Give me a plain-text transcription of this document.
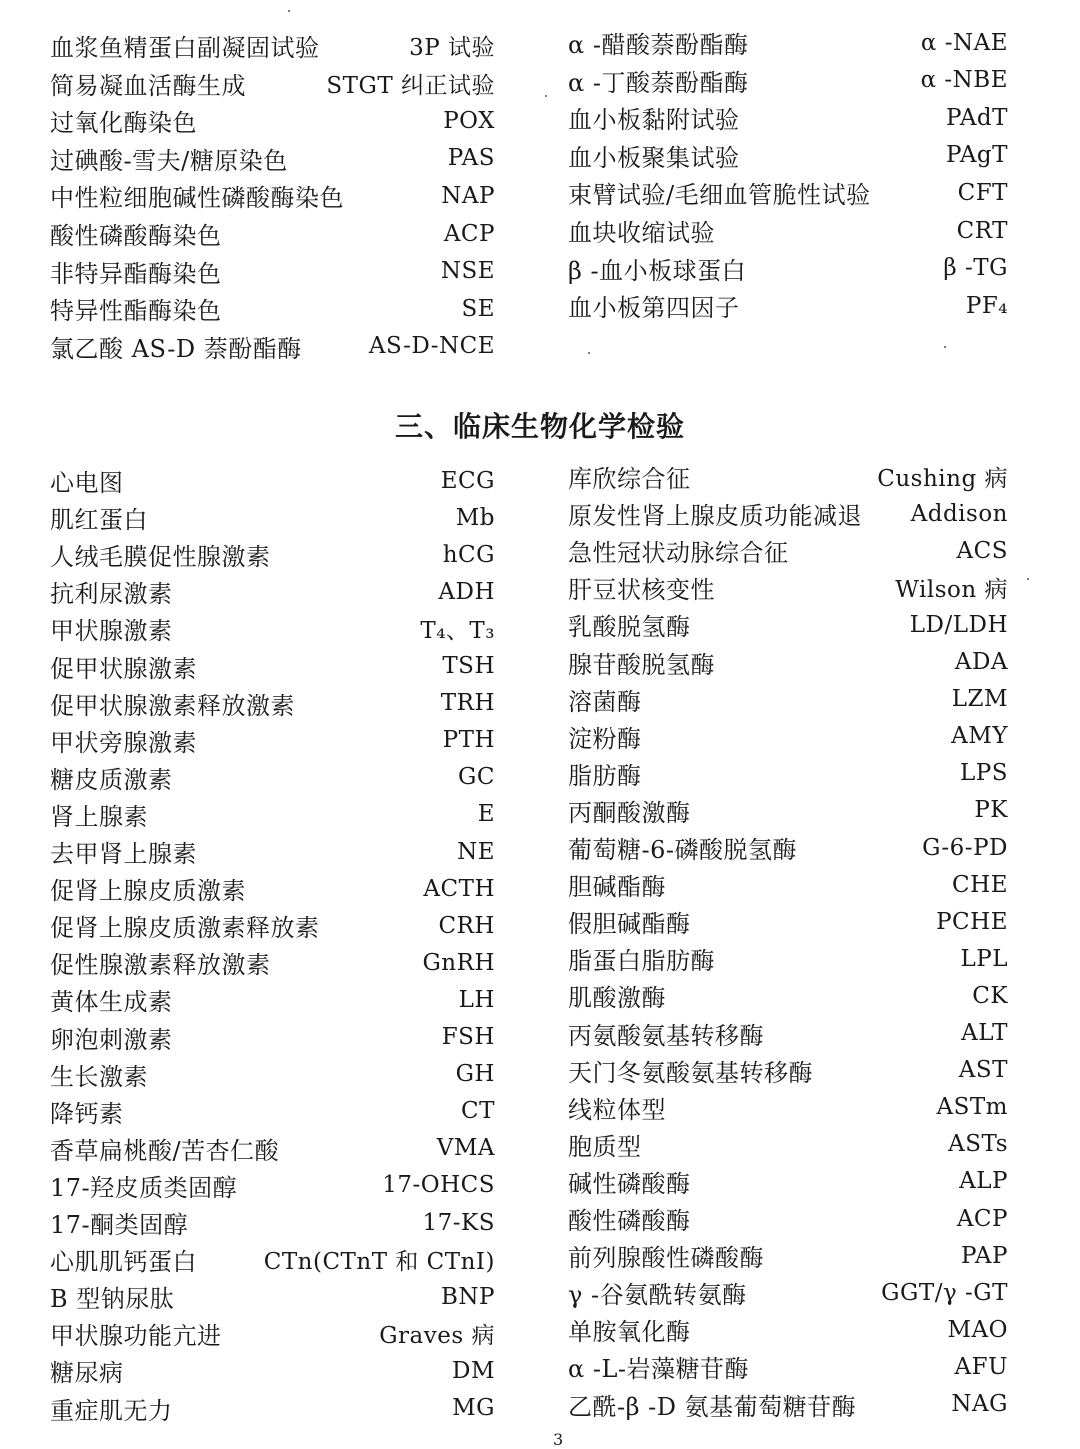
血浆鱼精蛋白副凝固试验	3P 试验
简易凝血活酶生成	STGT 纠正试验
过氧化酶染色	POX
过碘酸-雪夫/糖原染色	PAS
中性粒细胞碱性磷酸酶染色	NAP
酸性磷酸酶染色	ACP
非特异酯酶染色	NSE
特异性酯酶染色	SE
氯乙酸 AS-D 萘酚酯酶	AS-D-NCE
α -醋酸萘酚酯酶	α -NAE
α -丁酸萘酚酯酶	α -NBE
血小板黏附试验	PAdT
血小板聚集试验	PAgT
束臂试验/毛细血管脆性试验	CFT
血块收缩试验	CRT
β -血小板球蛋白	β -TG
血小板第四因子	PF₄
三、临床生物化学检验
心电图	ECG
肌红蛋白	Mb
人绒毛膜促性腺激素	hCG
抗利尿激素	ADH
甲状腺激素	T₄、T₃
促甲状腺激素	TSH
促甲状腺激素释放激素	TRH
甲状旁腺激素	PTH
糖皮质激素	GC
肾上腺素	E
去甲肾上腺素	NE
促肾上腺皮质激素	ACTH
促肾上腺皮质激素释放素	CRH
促性腺激素释放激素	GnRH
黄体生成素	LH
卵泡刺激素	FSH
生长激素	GH
降钙素	CT
香草扁桃酸/苦杏仁酸	VMA
17-羟皮质类固醇	17-OHCS
17-酮类固醇	17-KS
心肌肌钙蛋白	CTn(CTnT 和 CTnI)
B 型钠尿肽	BNP
甲状腺功能亢进	Graves 病
糖尿病	DM
重症肌无力	MG
库欣综合征	Cushing 病
原发性肾上腺皮质功能减退 Addison
急性冠状动脉综合征	ACS
肝豆状核变性	Wilson 病
乳酸脱氢酶	LD/LDH
腺苷酸脱氢酶	ADA
溶菌酶	LZM
淀粉酶	AMY
脂肪酶	LPS
丙酮酸激酶	PK
葡萄糖-6-磷酸脱氢酶	G-6-PD
胆碱酯酶	CHE
假胆碱酯酶	PCHE
脂蛋白脂肪酶	LPL
肌酸激酶	CK
丙氨酸氨基转移酶	ALT
天门冬氨酸氨基转移酶	AST
线粒体型	ASTm
胞质型	ASTs
碱性磷酸酶	ALP
酸性磷酸酶	ACP
前列腺酸性磷酸酶	PAP
γ -谷氨酰转氨酶	GGT/γ -GT
单胺氧化酶	MAO
α -L-岩藻糖苷酶	AFU
乙酰-β -D 氨基葡萄糖苷酶	NAG
3
